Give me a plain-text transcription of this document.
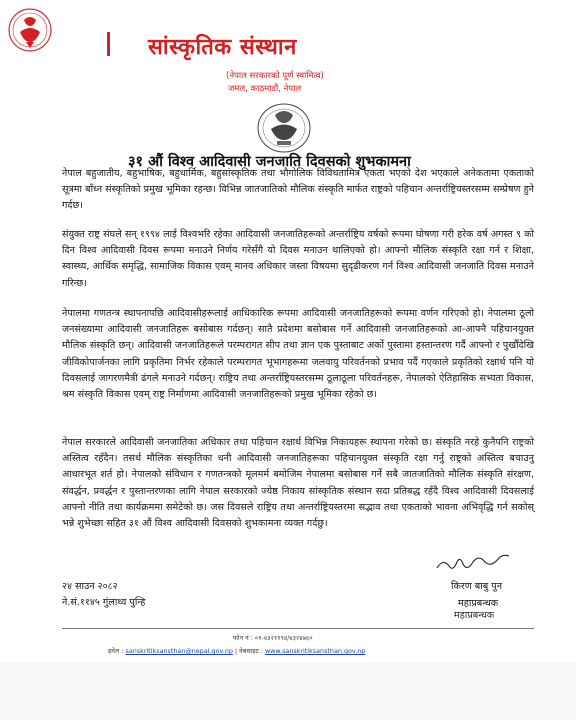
सांस्कृतिक संस्थान
(नेपाल सरकारको पूर्ण स्वामित्व)
जमल, काठमाडौं, नेपाल
३१ औं विश्व आदिवासी जनजाति दिवसको शुभकामना
नेपाल बहुजातीय, बहुभाषिक, बहुधार्मिक, बहुसांस्कृतिक तथा भौगोलिक विविधतामित्र एकता भएको देश भएकाले अनेकतामा एकताको सूत्रमा बाँध्न संस्कृतिको प्रमुख भूमिका रहन्छ। विभिन्न जातजातिको मौलिक संस्कृति मार्फत राष्ट्रको पहिचान अन्तर्राष्ट्रियस्तरसम्म सम्प्रेषण हुने गर्दछ।
संयुक्त राष्ट्र संघले सन् १९९४ लाई विश्वभरि रहेका आदिवासी जनजातिहरूको अन्तर्राष्ट्रिय वर्षको रूपमा घोषणा गरी हरेक वर्ष अगस्त ९ को दिन विश्व आदिवासी दिवस रूपमा मनाउने निर्णय गरेसँगै यो दिवस मनाउन थालिएको हो। आफ्नो मौलिक संस्कृति रक्षा गर्न र शिक्षा, स्वास्थ्य, आर्थिक समृद्धि, सामाजिक विकास एवम् मानव अधिकार जस्ता विषयमा सुदृढीकरण गर्न विश्व आदिवासी जनजाति दिवस मनाउने गरिन्छ।
नेपालमा गणतन्त्र स्थापनापछि आदिवासीहरूलाई आधिकारिक रूपमा आदिवासी जनजातिहरूको रूपमा वर्णन गरिएको हो। नेपालमा ठूलो जनसंख्यामा आदिवासी जनजातिहरू बसोबास गर्दछन्। सातै प्रदेशमा बसोबास गर्ने आदिवासी जनजातिहरूको आ-आफ्नै पहिचानयुक्त मौलिक संस्कृति छन्। आदिवासी जनजातिहरूले परम्परागत सीप तथा ज्ञान एक पुस्ताबाट अर्को पुस्तामा हस्तान्तरण गर्दै आफ्नो र पुर्खौंदेखि जीविकोपार्जनका लागि प्रकृतिमा निर्भर रहेकाले परम्परागत भूभागहरूमा जलवायु परिवर्तनको प्रभाव पर्दै गएकाले प्रकृतिको रक्षार्थ पनि यो दिवसलाई जागरणमैत्री ढंगले मनाउने गर्दछन्। राष्ट्रिय तथा अन्तर्राष्ट्रियस्तरसम्म ठूलाठूला परिवर्तनहरू, नेपालको ऐतिहासिक सभ्यता विकास, श्रम संस्कृति विकास एवम् राष्ट्र निर्माणमा आदिवासी जनजातिहरूको प्रमुख भूमिका रहेको छ।
नेपाल सरकारले आदिवासी जनजातिका अधिकार तथा पहिचान रक्षार्थ विभिन्न निकायहरू स्थापना गरेको छ। संस्कृति नरहे कुनैपनि राष्ट्रको अस्तित्व रहँदैन। तसर्थ मौलिक संस्कृतिका धनी आदिवासी जनजातिहरूका पहिचानयुक्त संस्कृति रक्षा गर्नु राष्ट्रको अस्तित्व बचाउनु आधारभूत शर्त हो। नेपालको संविधान र गणतन्त्रको मूलमर्म बमोजिम नेपालमा बसोबास गर्ने सबै जातजातिको मौलिक संस्कृति संरक्षण, संवर्द्धन, प्रवर्द्धन र पुस्तान्तरणका लागि नेपाल सरकारको ज्येष्ठ निकाय सांस्कृतिक संस्थान सदा प्रतिबद्ध रहँदै विश्व आदिवासी दिवसलाई आफ्नो नीति तथा कार्यक्रममा समेटेको छ। जस दिवसले राष्ट्रिय तथा अन्तर्राष्ट्रियस्तरमा सद्भाव तथा एकताको भावना अभिवृद्धि गर्न सकोस् भन्ने शुभेच्छा सहित ३१ औं विश्व आदिवासी दिवसको शुभकामना व्यक्त गर्दछु।
२४ साउन २०८२
ने.सं.११४५ गुंलाथ्व पुन्हि
किरण बाबु पुन
महाप्रबन्धक
महाप्रबन्धक
फोन नं : ०१-४३२११९४/४३२४७६०
इमेल : sanskritiksansthan@nepal.gov.np | वेबसाइट : www.sanskritiksansthan.gov.np
